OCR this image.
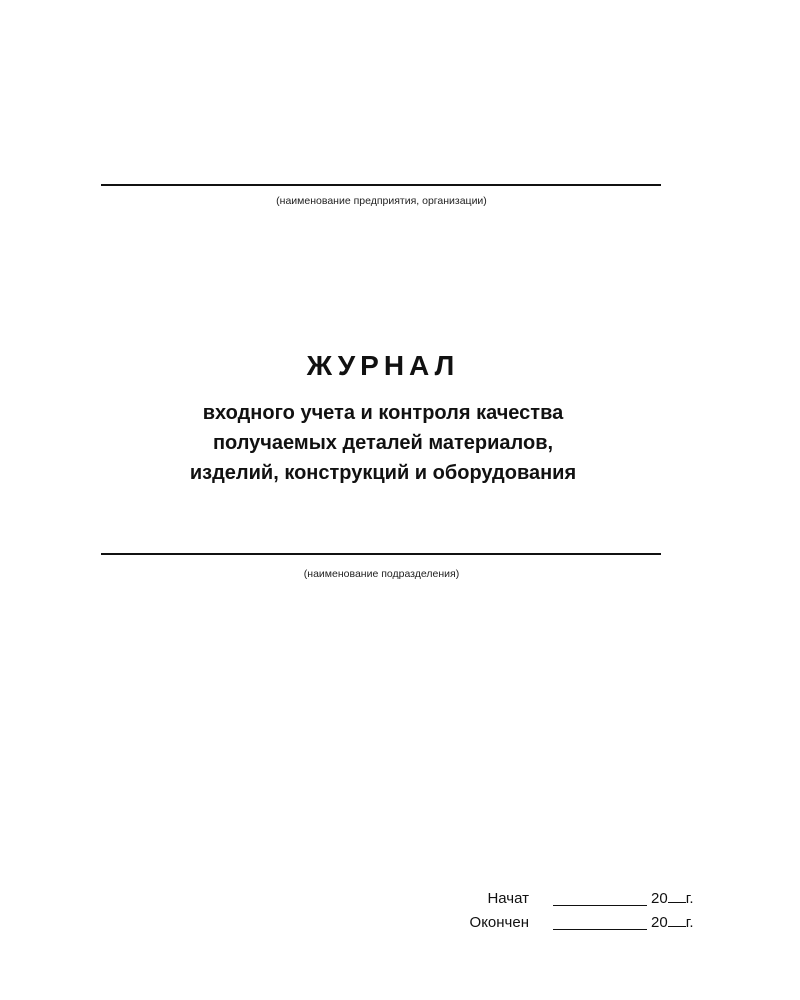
(наименование предприятия, организации)
ЖУРНАЛ
входного учета и контроля качества
получаемых деталей материалов,
изделий, конструкций и оборудования
(наименование подразделения)
Начат	20 г.
Окончен	20 г.
